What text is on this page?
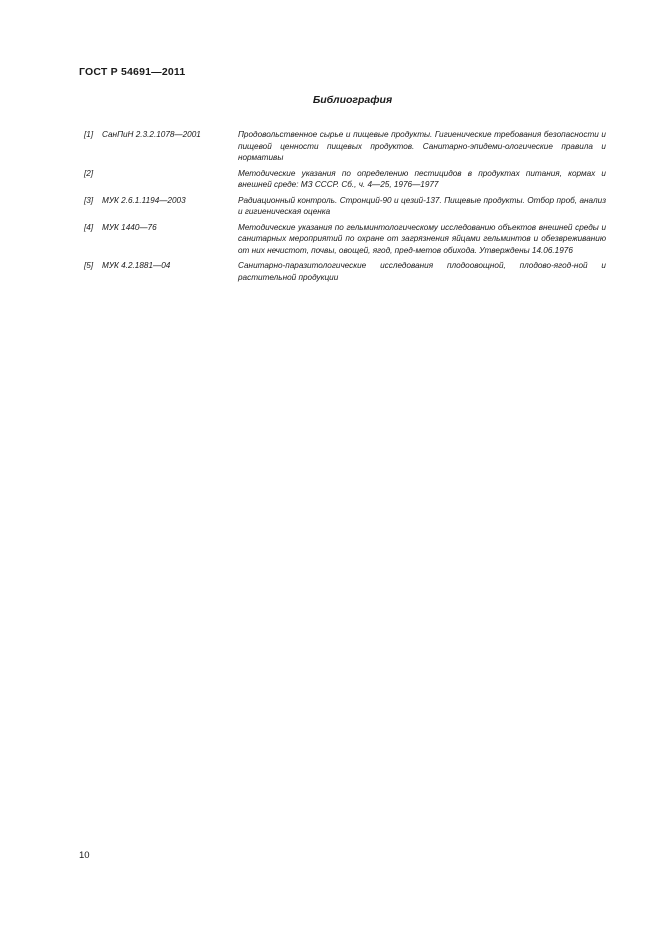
ГОСТ Р 54691—2011
Библиография
[1] СанПиН 2.3.2.1078—2001	Продовольственное сырье и пищевые продукты. Гигиенические требования безопасности и пищевой ценности пищевых продуктов. Санитарно-эпидеми-ологические правила и нормативы
[2]	Методические указания по определению пестицидов в продуктах питания, кормах и внешней среде: МЗ СССР. Сб., ч. 4—25, 1976—1977
[3] МУК 2.6.1.1194—2003	Радиационный контроль. Стронций-90 и цезий-137. Пищевые продукты. Отбор проб, анализ и гигиеническая оценка
[4] МУК 1440—76	Методические указания по гельминтологическому исследованию объектов внешней среды и санитарных мероприятий по охране от загрязнения яйцами гельминтов и обезвреживанию от них нечистот, почвы, овощей, ягод, пред-метов обихода. Утверждены 14.06.1976
[5] МУК 4.2.1881—04	Санитарно-паразитологические исследования плодоовощной, плодово-ягод-ной и растительной продукции
10
